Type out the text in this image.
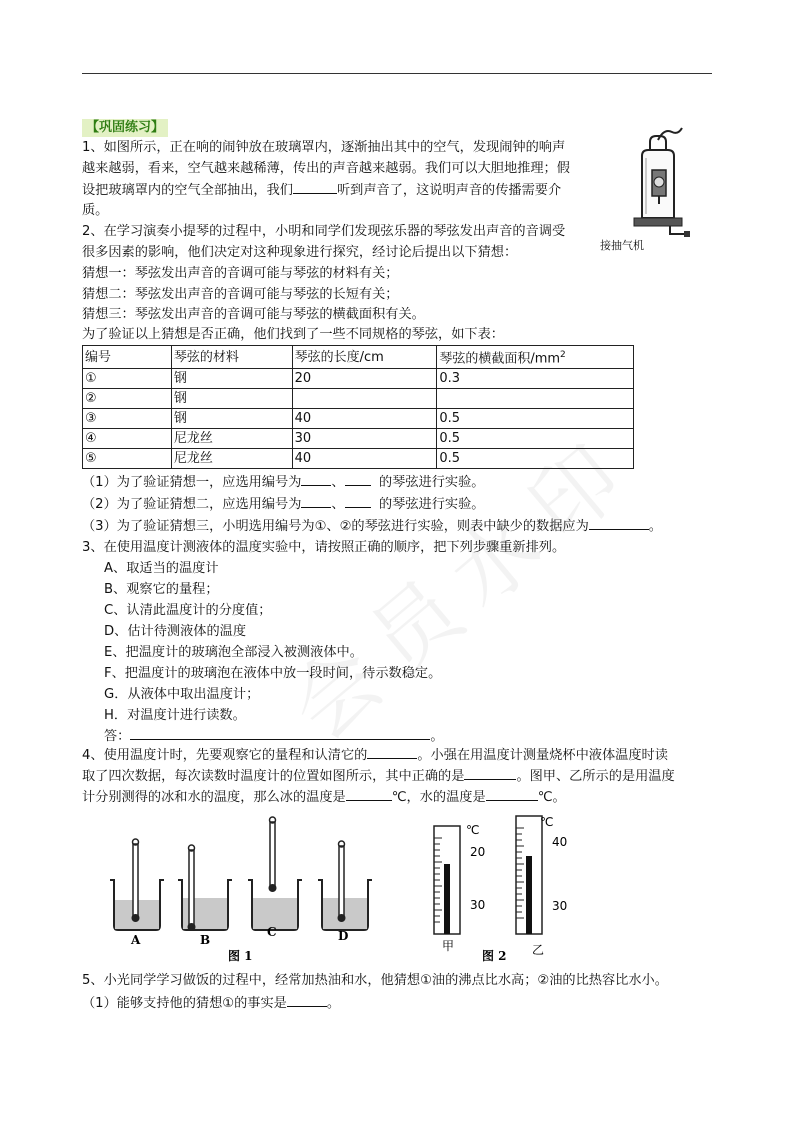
【巩固练习】
1、如图所示，正在响的闹钟放在玻璃罩内，逐渐抽出其中的空气，发现闹钟的响声
越来越弱，看来，空气越来越稀薄，传出的声音越来越弱。我们可以大胆地推理；假
设把玻璃罩内的空气全部抽出，我们	听到声音了，这说明声音的传播需要介
质。
接抽气机
2、在学习演奏小提琴的过程中，小明和同学们发现弦乐器的琴弦发出声音的音调受
很多因素的影响，他们决定对这种现象进行探究，经讨论后提出以下猜想：
猜想一：琴弦发出声音的音调可能与琴弦的材料有关；
猜想二：琴弦发出声音的音调可能与琴弦的长短有关；
猜想三：琴弦发出声音的音调可能与琴弦的横截面积有关。
为了验证以上猜想是否正确，他们找到了一些不同规格的琴弦，如下表：
编号	琴弦的材料	琴弦的长度/cm	琴弦的横截面积$/mm^2$
①	钢	20	0.3
②	钢		
③	钢	40	0.5
④	尼龙丝	30	0.5
⑤	尼龙丝	40	0.5
（1）为了验证猜想一，应选用编号为 、	的琴弦进行实验。
（2）为了验证猜想二，应选用编号为 、	的琴弦进行实验。
（3）为了验证猜想三，小明选用编号为①、②的琴弦进行实验，则表中缺少的数据应为	。
3、在使用温度计测液体的温度实验中，请按照正确的顺序，把下列步骤重新排列。
A、取适当的温度计
B、观察它的量程；
C、认清此温度计的分度值；
D、估计待测液体的温度
E、把温度计的玻璃泡全部浸入被测液体中。
F、把温度计的玻璃泡在液体中放一段时间，待示数稳定。
G．从液体中取出温度计；
H．对温度计进行读数。
答：	。
4、使用温度计时，先要观察它的量程和认清它的	。小强在用温度计测量烧杯中液体温度时读
取了四次数据，每次读数时温度计的位置如图所示，其中正确的是	。图甲、乙所示的是用温度
计分别测得的冰和水的温度，那么冰的温度是	℃，水的温度是	℃。
A	B
C	D
图 1
℃
20
30
甲
℃
40
30
乙
图 2
5、小光同学学习做饭的过程中，经常加热油和水，他猜想①油的沸点比水高；②油的比热容比水小。
（1）能够支持他的猜想①的事实是	。
